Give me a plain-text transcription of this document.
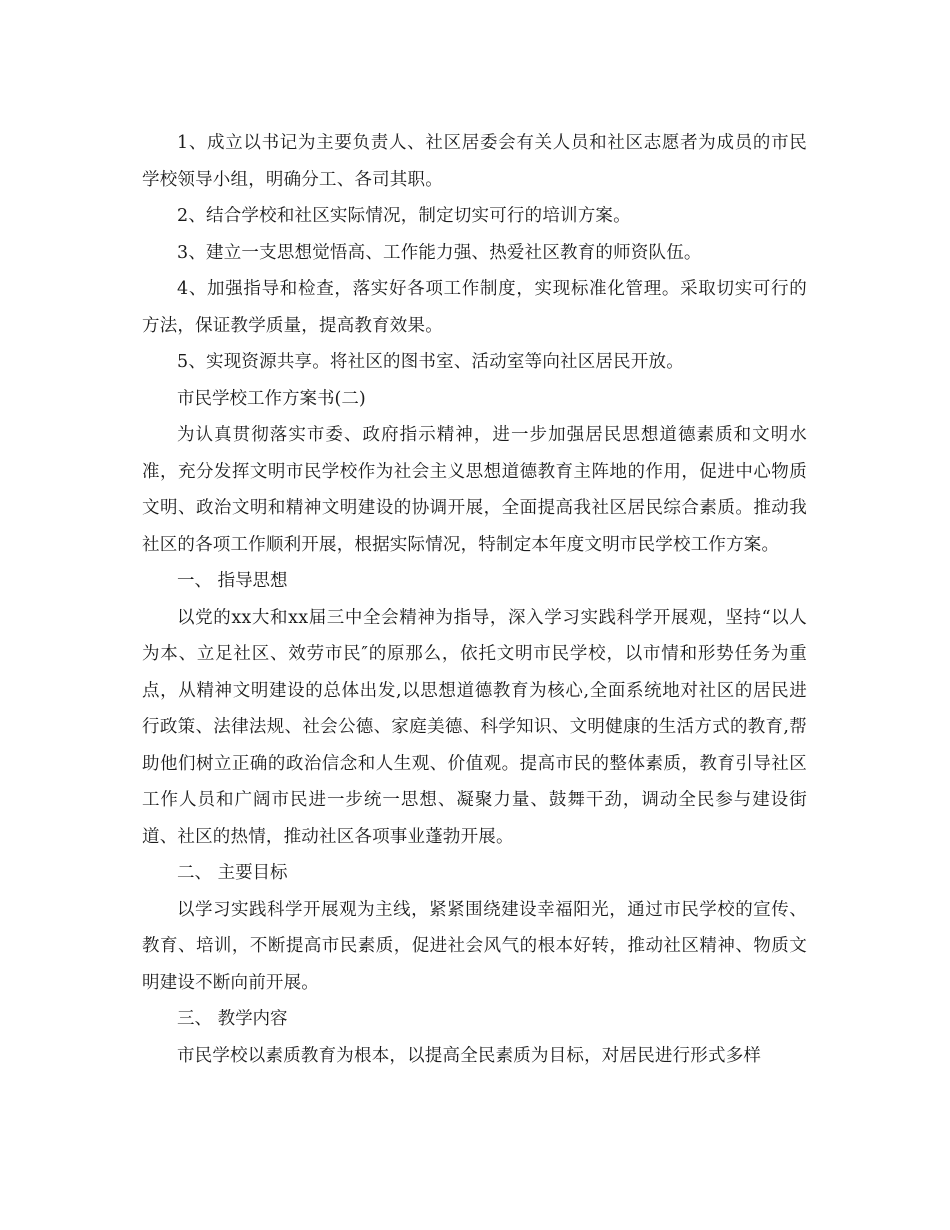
1、成立以书记为主要负责人、社区居委会有关人员和社区志愿者为成员的市民学校领导小组，明确分工、各司其职。

2、结合学校和社区实际情况，制定切实可行的培训方案。

3、建立一支思想觉悟高、工作能力强、热爱社区教育的师资队伍。

4、加强指导和检查，落实好各项工作制度，实现标准化管理。采取切实可行的方法，保证教学质量，提高教育效果。

5、实现资源共享。将社区的图书室、活动室等向社区居民开放。

市民学校工作方案书(二)

为认真贯彻落实市委、政府指示精神，进一步加强居民思想道德素质和文明水准，充分发挥文明市民学校作为社会主义思想道德教育主阵地的作用，促进中心物质文明、政治文明和精神文明建设的协调开展，全面提高我社区居民综合素质。推动我社区的各项工作顺利开展，根据实际情况，特制定本年度文明市民学校工作方案。

一、 指导思想

以党的xx大和xx届三中全会精神为指导，深入学习实践科学开展观，坚持“以人为本、立足社区、效劳市民″的原那么，依托文明市民学校，以市情和形势任务为重点，从精神文明建设的总体出发,以思想道德教育为核心,全面系统地对社区的居民进行政策、法律法规、社会公德、家庭美德、科学知识、文明健康的生活方式的教育,帮助他们树立正确的政治信念和人生观、价值观。提高市民的整体素质，教育引导社区工作人员和广阔市民进一步统一思想、凝聚力量、鼓舞干劲，调动全民参与建设街道、社区的热情，推动社区各项事业蓬勃开展。

二、 主要目标

以学习实践科学开展观为主线，紧紧围绕建设幸福阳光，通过市民学校的宣传、教育、培训，不断提高市民素质，促进社会风气的根本好转，推动社区精神、物质文明建设不断向前开展。

三、 教学内容

市民学校以素质教育为根本，以提高全民素质为目标，对居民进行形式多样
